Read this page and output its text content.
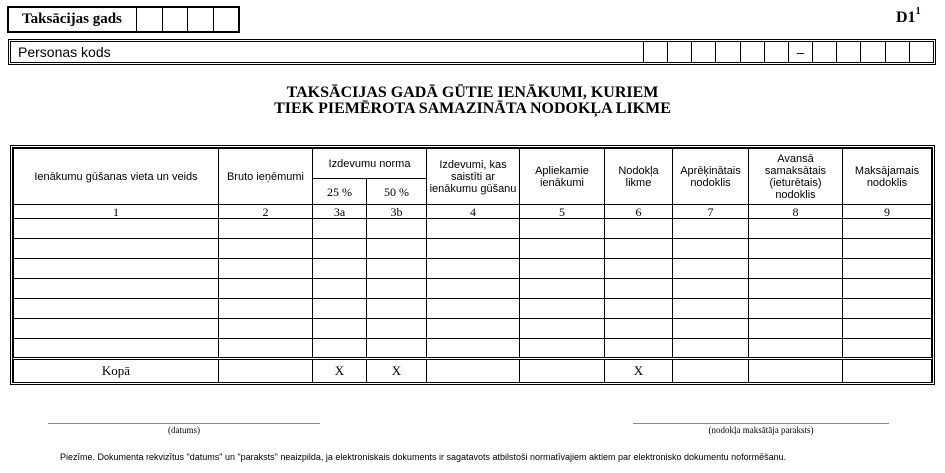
Taksācijas gads	$D1^1$
Personas kods	–
TAKSĀCIJAS GADĀ GŪTIE IENĀKUMI, KURIEM
TIEK PIEMĒROTA SAMAZINĀTA NODOKĻA LIKME
Ienākumu gūšanas vieta un veids	Bruto ieņēmumi	Izdevumu norma		Izdevumi, kas saistīti ar ienākumu gūšanu	Apliekamie ienākumi	Nodokļa likme	Aprēķinātais nodoklis	Avansā samaksātais (ieturētais) nodoklis	Maksājamais nodoklis
		25 %	50 %						
1	2	3a	3b	4	5	6	7	8	9

Kopā		X	X			X			
(datums)	(nodokļa maksātāja paraksts)
Piezīme. Dokumenta rekvizītus "datums" un "paraksts" neaizpilda, ja elektroniskais dokuments ir sagatavots atbilstoši normatīvajiem aktiem par elektronisko dokumentu noformēšanu.
